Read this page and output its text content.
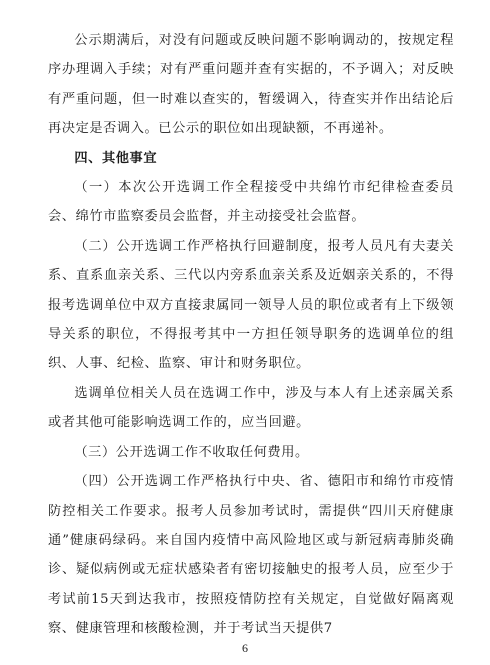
公示期满后，对没有问题或反映问题不影响调动的，按规定程序办理调入手续；对有严重问题并查有实据的，不予调入；对反映有严重问题，但一时难以查实的，暂缓调入，待查实并作出结论后再决定是否调入。已公示的职位如出现缺额，不再递补。

四、其他事宜

（一）本次公开选调工作全程接受中共绵竹市纪律检查委员会、绵竹市监察委员会监督，并主动接受社会监督。

（二）公开选调工作严格执行回避制度，报考人员凡有夫妻关系、直系血亲关系、三代以内旁系血亲关系及近姻亲关系的，不得报考选调单位中双方直接隶属同一领导人员的职位或者有上下级领导关系的职位，不得报考其中一方担任领导职务的选调单位的组织、人事、纪检、监察、审计和财务职位。

选调单位相关人员在选调工作中，涉及与本人有上述亲属关系或者其他可能影响选调工作的，应当回避。

（三）公开选调工作不收取任何费用。

（四）公开选调工作严格执行中央、省、德阳市和绵竹市疫情防控相关工作要求。报考人员参加考试时，需提供“四川天府健康通”健康码绿码。来自国内疫情中高风险地区或与新冠病毒肺炎确诊、疑似病例或无症状感染者有密切接触史的报考人员，应至少于考试前15天到达我市，按照疫情防控有关规定，自觉做好隔离观察、健康管理和核酸检测，并于考试当天提供7

6
